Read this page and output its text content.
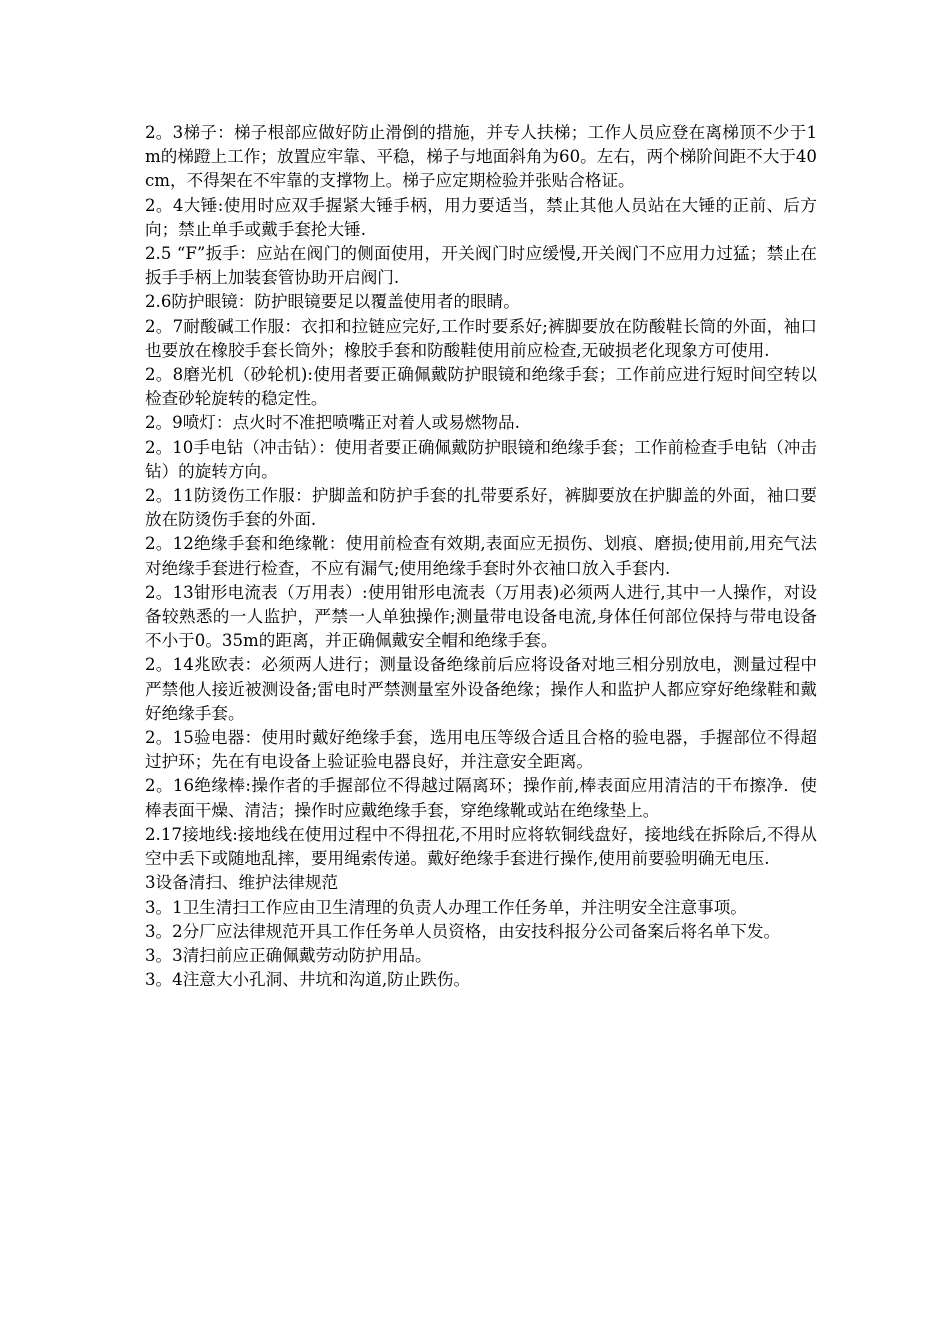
2。3梯子：梯子根部应做好防止滑倒的措施，并专人扶梯；工作人员应登在离梯顶不少于1m的梯蹬上工作；放置应牢靠、平稳，梯子与地面斜角为60。左右，两个梯阶间距不大于40cm，不得架在不牢靠的支撑物上。梯子应定期检验并张贴合格证。

2。4大锤:使用时应双手握紧大锤手柄，用力要适当，禁止其他人员站在大锤的正前、后方向；禁止单手或戴手套抡大锤.

2.5 “F”扳手：应站在阀门的侧面使用，开关阀门时应缓慢,开关阀门不应用力过猛；禁止在扳手手柄上加装套管协助开启阀门.

2.6防护眼镜：防护眼镜要足以覆盖使用者的眼睛。

2。7耐酸碱工作服：衣扣和拉链应完好,工作时要系好;裤脚要放在防酸鞋长筒的外面，袖口也要放在橡胶手套长筒外；橡胶手套和防酸鞋使用前应检查,无破损老化现象方可使用.

2。8磨光机（砂轮机):使用者要正确佩戴防护眼镜和绝缘手套；工作前应进行短时间空转以检查砂轮旋转的稳定性。

2。9喷灯：点火时不准把喷嘴正对着人或易燃物品.

2。10手电钻（冲击钻）：使用者要正确佩戴防护眼镜和绝缘手套；工作前检查手电钻（冲击钻）的旋转方向。

2。11防烫伤工作服：护脚盖和防护手套的扎带要系好，裤脚要放在护脚盖的外面，袖口要放在防烫伤手套的外面.

2。12绝缘手套和绝缘靴：使用前检查有效期,表面应无损伤、划痕、磨损;使用前,用充气法对绝缘手套进行检查，不应有漏气;使用绝缘手套时外衣袖口放入手套内.

2。13钳形电流表（万用表）:使用钳形电流表（万用表)必须两人进行,其中一人操作，对设备较熟悉的一人监护，严禁一人单独操作;测量带电设备电流,身体任何部位保持与带电设备不小于0。35m的距离，并正确佩戴安全帽和绝缘手套。

2。14兆欧表：必须两人进行；测量设备绝缘前后应将设备对地三相分别放电，测量过程中严禁他人接近被测设备;雷电时严禁测量室外设备绝缘；操作人和监护人都应穿好绝缘鞋和戴好绝缘手套。

2。15验电器：使用时戴好绝缘手套，选用电压等级合适且合格的验电器，手握部位不得超过护环；先在有电设备上验证验电器良好，并注意安全距离。

2。16绝缘棒:操作者的手握部位不得越过隔离环；操作前,棒表面应用清洁的干布擦净．使棒表面干燥、清洁；操作时应戴绝缘手套，穿绝缘靴或站在绝缘垫上。

2.17接地线:接地线在使用过程中不得扭花,不用时应将软铜线盘好，接地线在拆除后,不得从空中丢下或随地乱摔，要用绳索传递。戴好绝缘手套进行操作,使用前要验明确无电压.

3设备清扫、维护法律规范

3。1卫生清扫工作应由卫生清理的负责人办理工作任务单，并注明安全注意事项。

3。2分厂应法律规范开具工作任务单人员资格，由安技科报分公司备案后将名单下发。

3。3清扫前应正确佩戴劳动防护用品。

3。4注意大小孔洞、井坑和沟道,防止跌伤。
